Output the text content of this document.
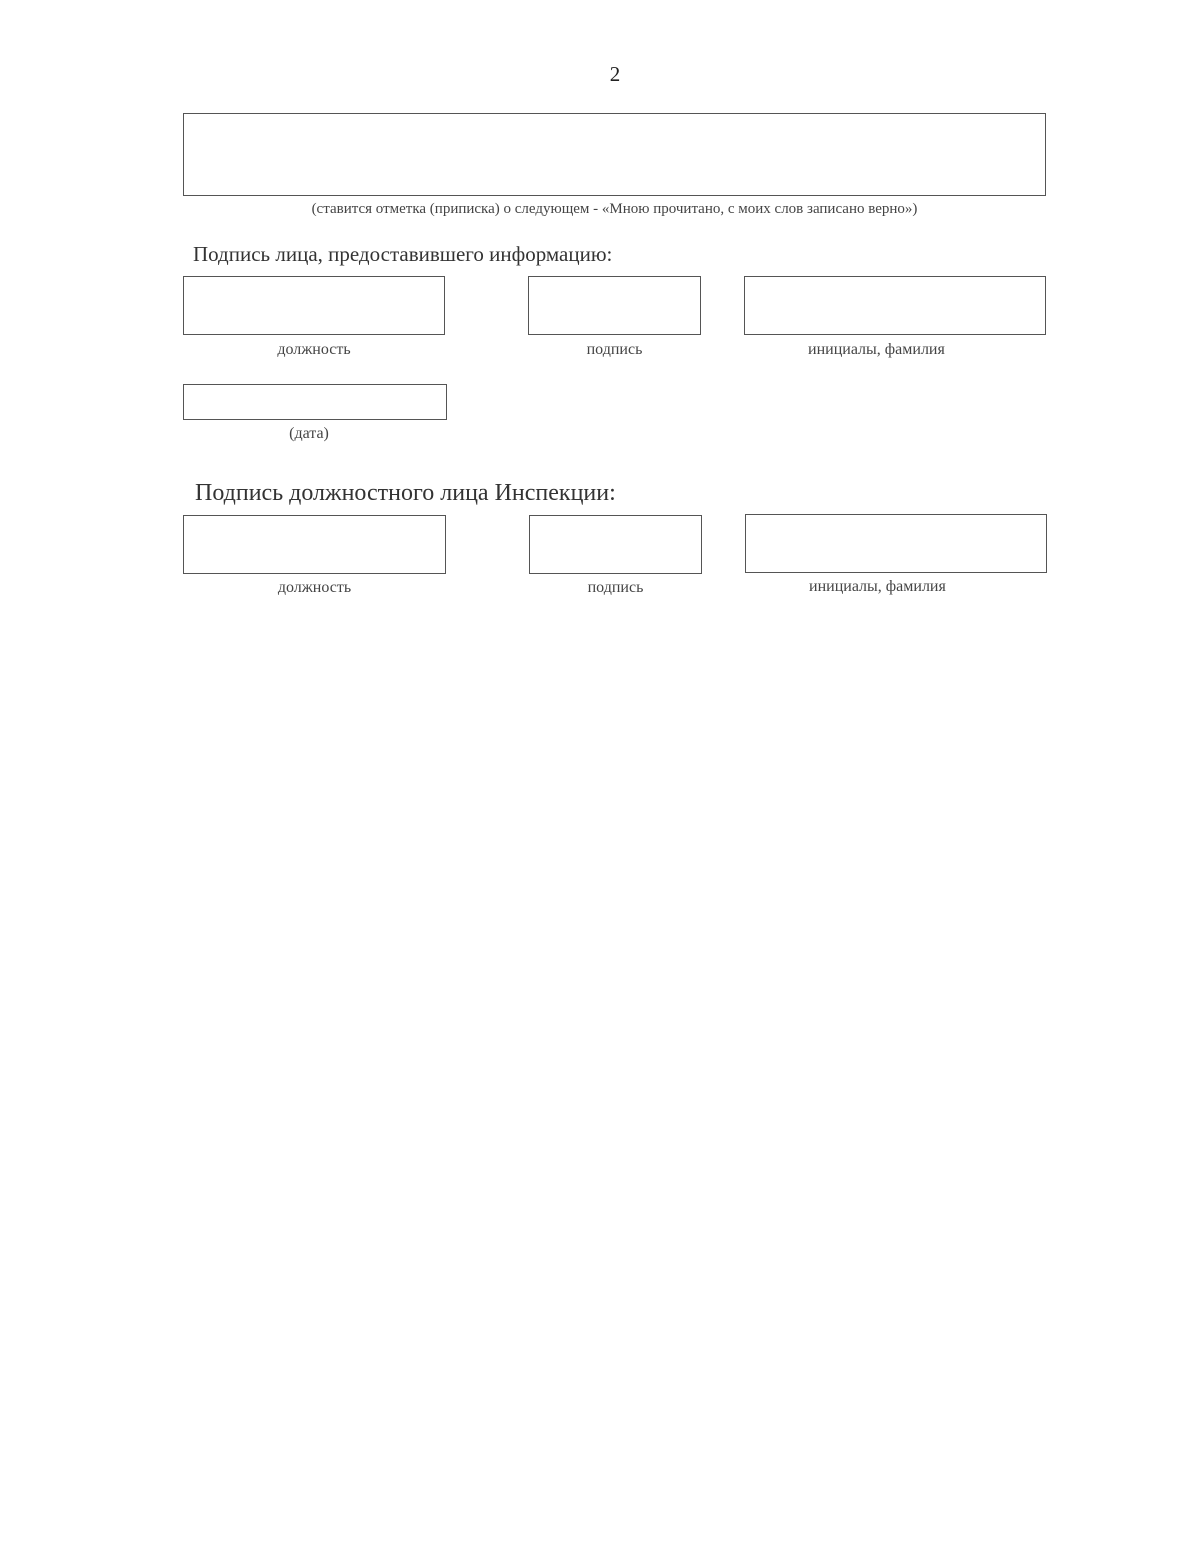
2
(ставится отметка (приписка) о следующем - «Мною прочитано, с моих слов записано верно»)
Подпись лица, предоставившего информацию:
должность	подпись	инициалы, фамилия
(дата)
Подпись должностного лица Инспекции:
должность	подпись	инициалы, фамилия
